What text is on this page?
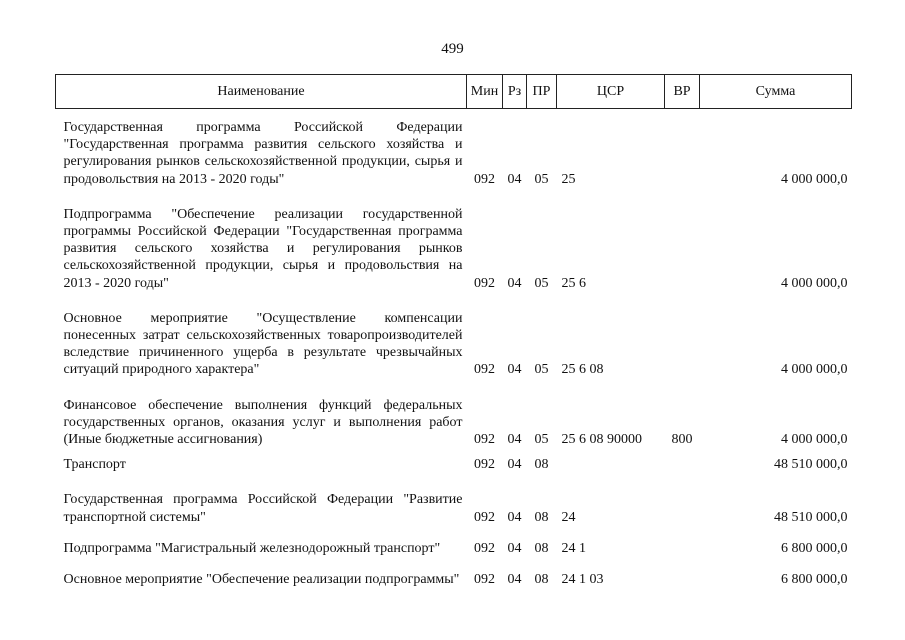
499
Наименование	Мин	Рз	ПР	ЦСР	ВР	Сумма
Государственная программа Российской Федерации "Государственная программа развития сельского хозяйства и регулирования рынков сельскохозяйственной продукции, сырья и продовольствия на 2013 - 2020 годы"	092	04	05	25		4 000 000,0
Подпрограмма "Обеспечение реализации государственной программы Российской Федерации "Государственная программа развития сельского хозяйства и регулирования рынков сельскохозяйственной продукции, сырья и продовольствия на 2013 - 2020 годы"	092	04	05	25 6		4 000 000,0
Основное мероприятие "Осуществление компенсации понесенных затрат сельскохозяйственных товаропроизводителей вследствие причиненного ущерба в результате чрезвычайных ситуаций природного характера"	092	04	05	25 6 08		4 000 000,0
Финансовое обеспечение выполнения функций федеральных государственных органов, оказания услуг и выполнения работ (Иные бюджетные ассигнования)	092	04	05	25 6 08 90000	800	4 000 000,0
Транспорт	092	04	08			48 510 000,0
Государственная программа Российской Федерации "Развитие транспортной системы"	092	04	08	24		48 510 000,0
Подпрограмма "Магистральный железнодорожный транспорт"	092	04	08	24 1		6 800 000,0
Основное мероприятие "Обеспечение реализации подпрограммы"	092	04	08	24 1 03		6 800 000,0
